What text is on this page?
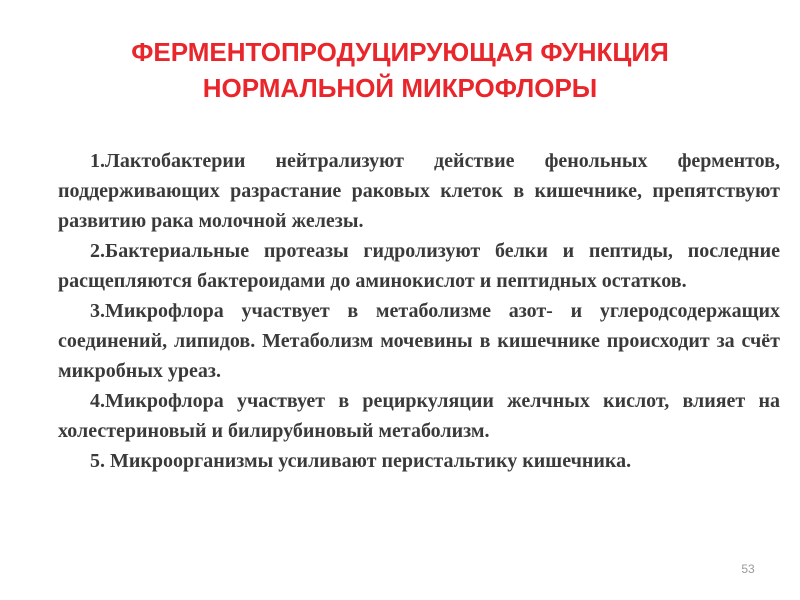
ФЕРМЕНТОПРОДУЦИРУЮЩАЯ ФУНКЦИЯ
НОРМАЛЬНОЙ МИКРОФЛОРЫ
1.Лактобактерии нейтрализуют действие фенольных ферментов, поддерживающих разрастание раковых клеток в кишечнике, препятствуют развитию рака молочной железы.
2.Бактериальные протеазы гидролизуют белки и пептиды, последние расщепляются бактероидами до аминокислот и пептидных остатков.
3.Микрофлора участвует в метаболизме азот- и углеродсодержащих соединений, липидов. Метаболизм мочевины в кишечнике происходит за счёт микробных уреаз.
4.Микрофлора участвует в рециркуляции желчных кислот, влияет на холестериновый и билирубиновый метаболизм.
5. Микроорганизмы усиливают перистальтику кишечника.
53
